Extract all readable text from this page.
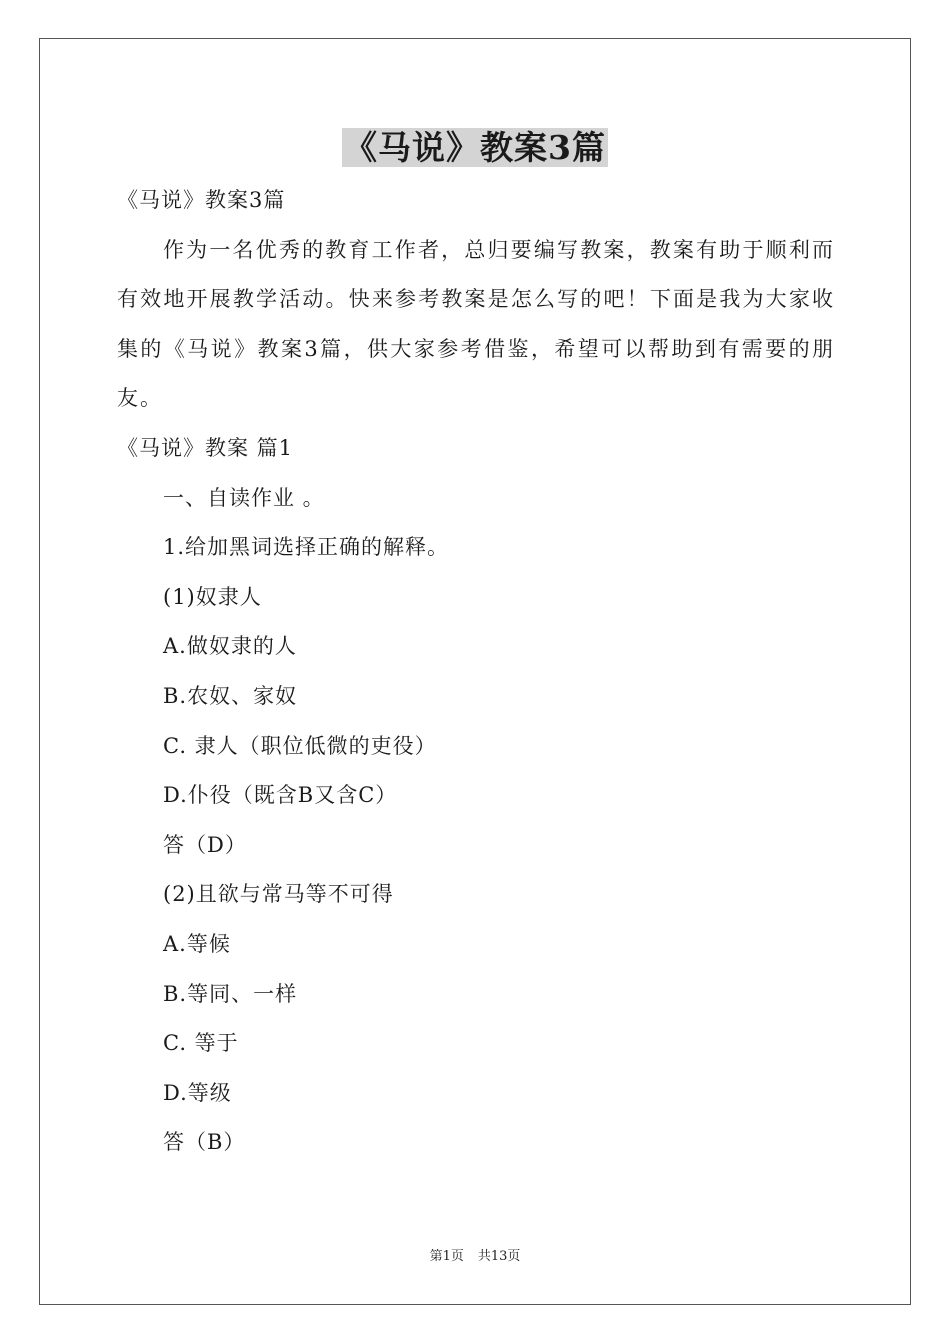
《马说》教案3篇
《马说》教案3篇

作为一名优秀的教育工作者，总归要编写教案，教案有助于顺利而有效地开展教学活动。快来参考教案是怎么写的吧！下面是我为大家收集的《马说》教案3篇，供大家参考借鉴，希望可以帮助到有需要的朋友。

《马说》教案 篇1
一、自读作业 。
1.给加黑词选择正确的解释。
(1)奴隶人
A.做奴隶的人
B.农奴、家奴
C. 隶人（职位低微的吏役）
D.仆役（既含B又含C）
答（D）
(2)且欲与常马等不可得
A.等候
B.等同、一样
C. 等于
D.等级
答（B）
第1页 共13页
